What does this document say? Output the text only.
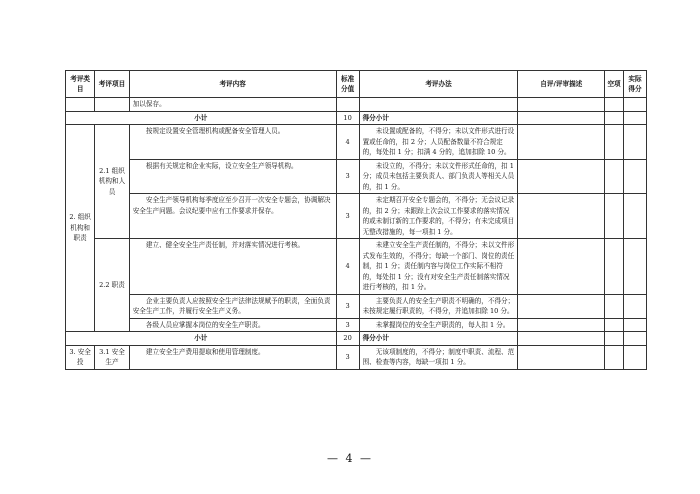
考评类目	考评项目	考评内容	标准分值	考评办法	自评/评审描述	空项	实际得分
		加以保存。					
小计			10	得分小计			
2. 组织机构和职责	2.1 组织机构和人员	按规定设置安全管理机构或配备安全管理人员。	4	未设置或配备的，不得分；未以文件形式进行设置或任命的，扣 2 分；人员配备数量不符合规定的，每处扣 1 分；扣满 4 分的，追加扣除 10 分。			
		根据有关规定和企业实际，设立安全生产领导机构。	3	未设立的，不得分；未以文件形式任命的，扣 1 分；成员未包括主要负责人、部门负责人等相关人员的，扣 1 分。			
		安全生产领导机构每季度应至少召开一次安全专题会，协调解决安全生产问题。会议纪要中应有工作要求并保存。	3	未定期召开安全专题会的，不得分；无会议记录的，扣 2 分；未跟踪上次会议工作要求的落实情况的或未制订新的工作要求的，不得分；有未完成项目无整改措施的，每一项扣 1 分。			
	2.2 职责	建立、健全安全生产责任制，并对落实情况进行考核。	4	未建立安全生产责任制的，不得分；未以文件形式发布生效的，不得分；每缺一个部门、岗位的责任制，扣 1 分；责任制内容与岗位工作实际不相符的，每处扣 1 分；没有对安全生产责任制落实情况进行考核的，扣 1 分。			
		企业主要负责人应按照安全生产法律法规赋予的职责，全面负责安全生产工作，并履行安全生产义务。	3	主要负责人的安全生产职责不明确的，不得分；未按规定履行职责的，不得分，并追加扣除 10 分。			
		各级人员应掌握本岗位的安全生产职责。	3	未掌握岗位的安全生产职责的，每人扣 1 分。			
小计			20	得分小计			
3. 安全投	3.1 安全生产	建立安全生产费用提取和使用管理制度。	3	无该项制度的，不得分；制度中职责、流程、范围、检查等内容，每缺一项扣 1 分。			
— 4 —
